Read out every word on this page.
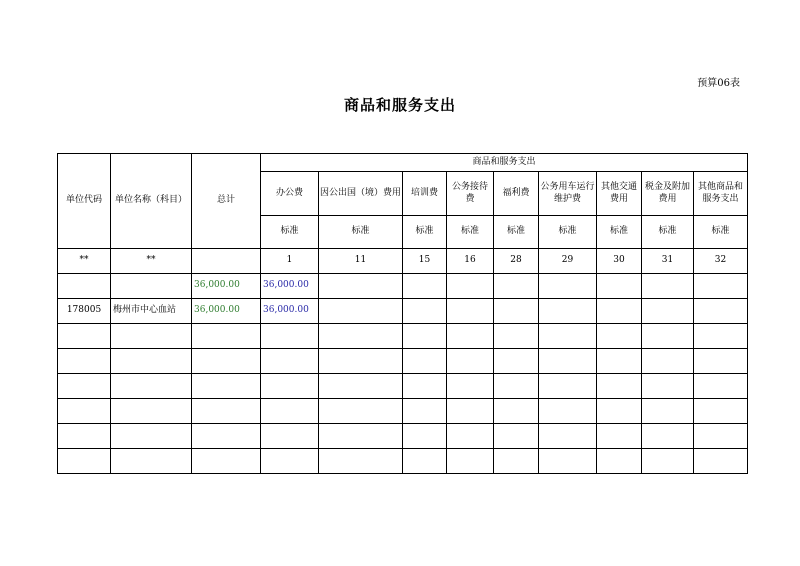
预算06表
商品和服务支出
单位代码	单位名称（科目）	总计	商品和服务支出								
			办公费	因公出国（境）费用	培训费	公务接待费	福利费	公务用车运行维护费	其他交通费用	税金及附加费用	其他商品和服务支出
			标准	标准	标准	标准	标准	标准	标准	标准	标准
**	**		1	11	15	16	28	29	30	31	32
		36,000.00	36,000.00								
178005	梅州市中心血站	36,000.00	36,000.00								
